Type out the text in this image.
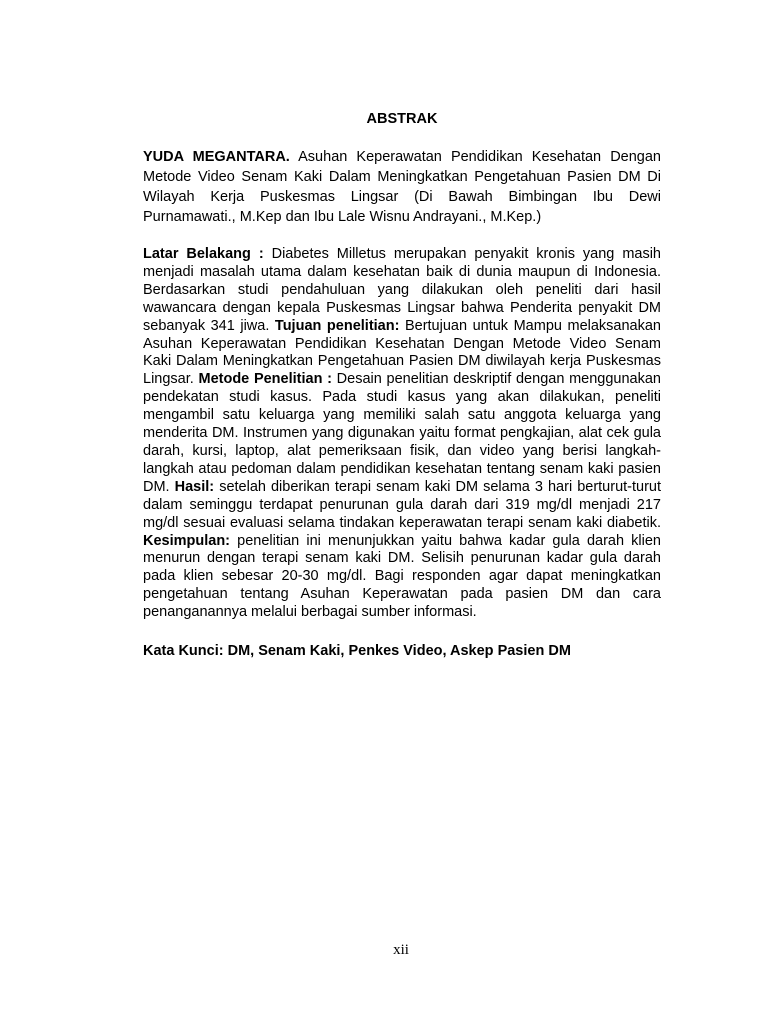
ABSTRAK

YUDA MEGANTARA. Asuhan Keperawatan Pendidikan Kesehatan Dengan Metode Video Senam Kaki Dalam Meningkatkan Pengetahuan Pasien DM Di Wilayah Kerja Puskesmas Lingsar (Di Bawah Bimbingan Ibu Dewi Purnamawati., M.Kep dan Ibu Lale Wisnu Andrayani., M.Kep.)

Latar Belakang : Diabetes Milletus merupakan penyakit kronis yang masih menjadi masalah utama dalam kesehatan baik di dunia maupun di Indonesia. Berdasarkan studi pendahuluan yang dilakukan oleh peneliti dari hasil wawancara dengan kepala Puskesmas Lingsar bahwa Penderita penyakit DM sebanyak 341 jiwa. Tujuan penelitian: Bertujuan untuk Mampu melaksanakan Asuhan Keperawatan Pendidikan Kesehatan Dengan Metode Video Senam Kaki Dalam Meningkatkan Pengetahuan Pasien DM diwilayah kerja Puskesmas Lingsar. Metode Penelitian : Desain penelitian deskriptif dengan menggunakan pendekatan studi kasus. Pada studi kasus yang akan dilakukan, peneliti mengambil satu keluarga yang memiliki salah satu anggota keluarga yang menderita DM. Instrumen yang digunakan yaitu format pengkajian, alat cek gula darah, kursi, laptop, alat pemeriksaan fisik, dan video yang berisi langkah-langkah atau pedoman dalam pendidikan kesehatan tentang senam kaki pasien DM. Hasil: setelah diberikan terapi senam kaki DM selama 3 hari berturut-turut dalam seminggu terdapat penurunan gula darah dari 319 mg/dl menjadi 217 mg/dl sesuai evaluasi selama tindakan keperawatan terapi senam kaki diabetik. Kesimpulan: penelitian ini menunjukkan yaitu bahwa kadar gula darah klien menurun dengan terapi senam kaki DM. Selisih penurunan kadar gula darah pada klien sebesar 20-30 mg/dl. Bagi responden agar dapat meningkatkan pengetahuan tentang Asuhan Keperawatan pada pasien DM dan cara penanganannya melalui berbagai sumber informasi.

Kata Kunci: DM, Senam Kaki, Penkes Video, Askep Pasien DM

xii
